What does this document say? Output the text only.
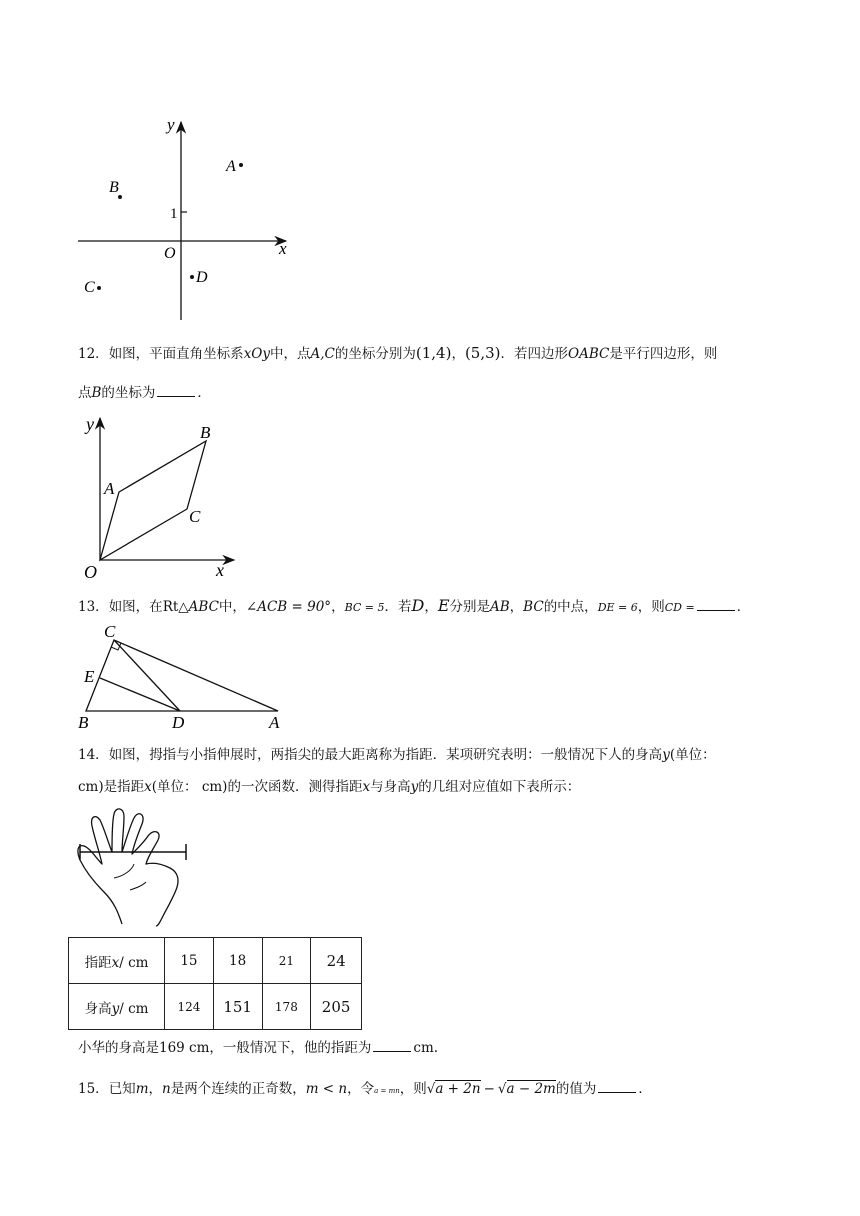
y
x
O
1
A
B
C
D
12．如图，平面直角坐标系xOy中，点A,C的坐标分别为(1,4)，(5,3)．若四边形OABC是平行四边形，则
点B的坐标为	．
y
x
O
A
B
C
13．如图，在Rt△ABC中，∠ACB = 90°，BC = 5．若D，E分别是AB，BC的中点，DE = 6，则CD =	．
C
E
B	D	A
14．如图，拇指与小指伸展时，两指尖的最大距离称为指距．某项研究表明：一般情况下人的身高y(单位：
cm)是指距x(单位： cm)的一次函数．测得指距x与身高y的几组对应值如下表所示：
指距x/ cm	15	18	21	24
身高y/ cm	124	151	178	205
小华的身高是169 cm，一般情况下，他的指距为	cm.
15．已知m，n是两个连续的正奇数，m < n，令a = mn，则√a + 2n − √a − 2m的值为	．
